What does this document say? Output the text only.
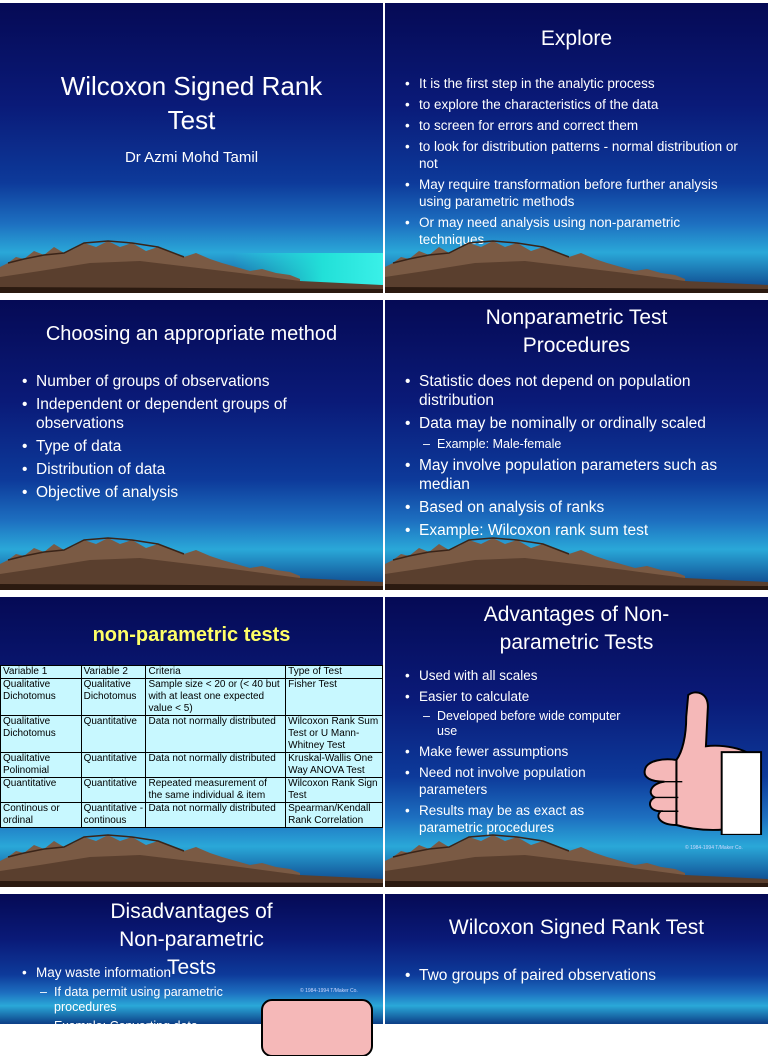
Wilcoxon Signed Rank Test
Dr Azmi Mohd Tamil
Explore
• It is the first step in the analytic process
• to explore the characteristics of the data
• to screen for errors and correct them
• to look for distribution patterns - normal distribution or not
• May require transformation before further analysis using parametric methods
• Or may need analysis using non-parametric techniques
Choosing an appropriate method
• Number of groups of observations
• Independent or dependent groups of observations
• Type of data
• Distribution of data
• Objective of analysis
Nonparametric Test Procedures
• Statistic does not depend on population distribution
• Data may be nominally or ordinally scaled
– Example: Male-female
• May involve population parameters such as median
• Based on analysis of ranks
• Example: Wilcoxon rank sum test
non-parametric tests
Variable 1	Variable 2	Criteria	Type of Test
Qualitative Dichotomus	Qualitative Dichotomus	Sample size < 20 or (< 40 but with at least one expected value < 5)	Fisher Test
Qualitative Dichotomus	Quantitative	Data not normally distributed	Wilcoxon Rank Sum Test or U Mann-Whitney Test
Qualitative Polinomial	Quantitative	Data not normally distributed	Kruskal-Wallis One Way ANOVA Test
Quantitative	Quantitative	Repeated measurement of the same individual & item	Wilcoxon Rank Sign Test
Continous or ordinal	Quantitative - continous	Data not normally distributed	Spearman/Kendall Rank Correlation
Advantages of Non-parametric Tests
• Used with all scales
• Easier to calculate
– Developed before wide computer use
• Make fewer assumptions
• Need not involve population parameters
• Results may be as exact as parametric procedures
© 1984-1994 T/Maker Co.
Disadvantages of Non-parametric Tests
• May waste information
– If data permit using parametric procedures
– Example: Converting data
© 1984-1994 T/Maker Co.
Wilcoxon Signed Rank Test
• Two groups of paired observations
